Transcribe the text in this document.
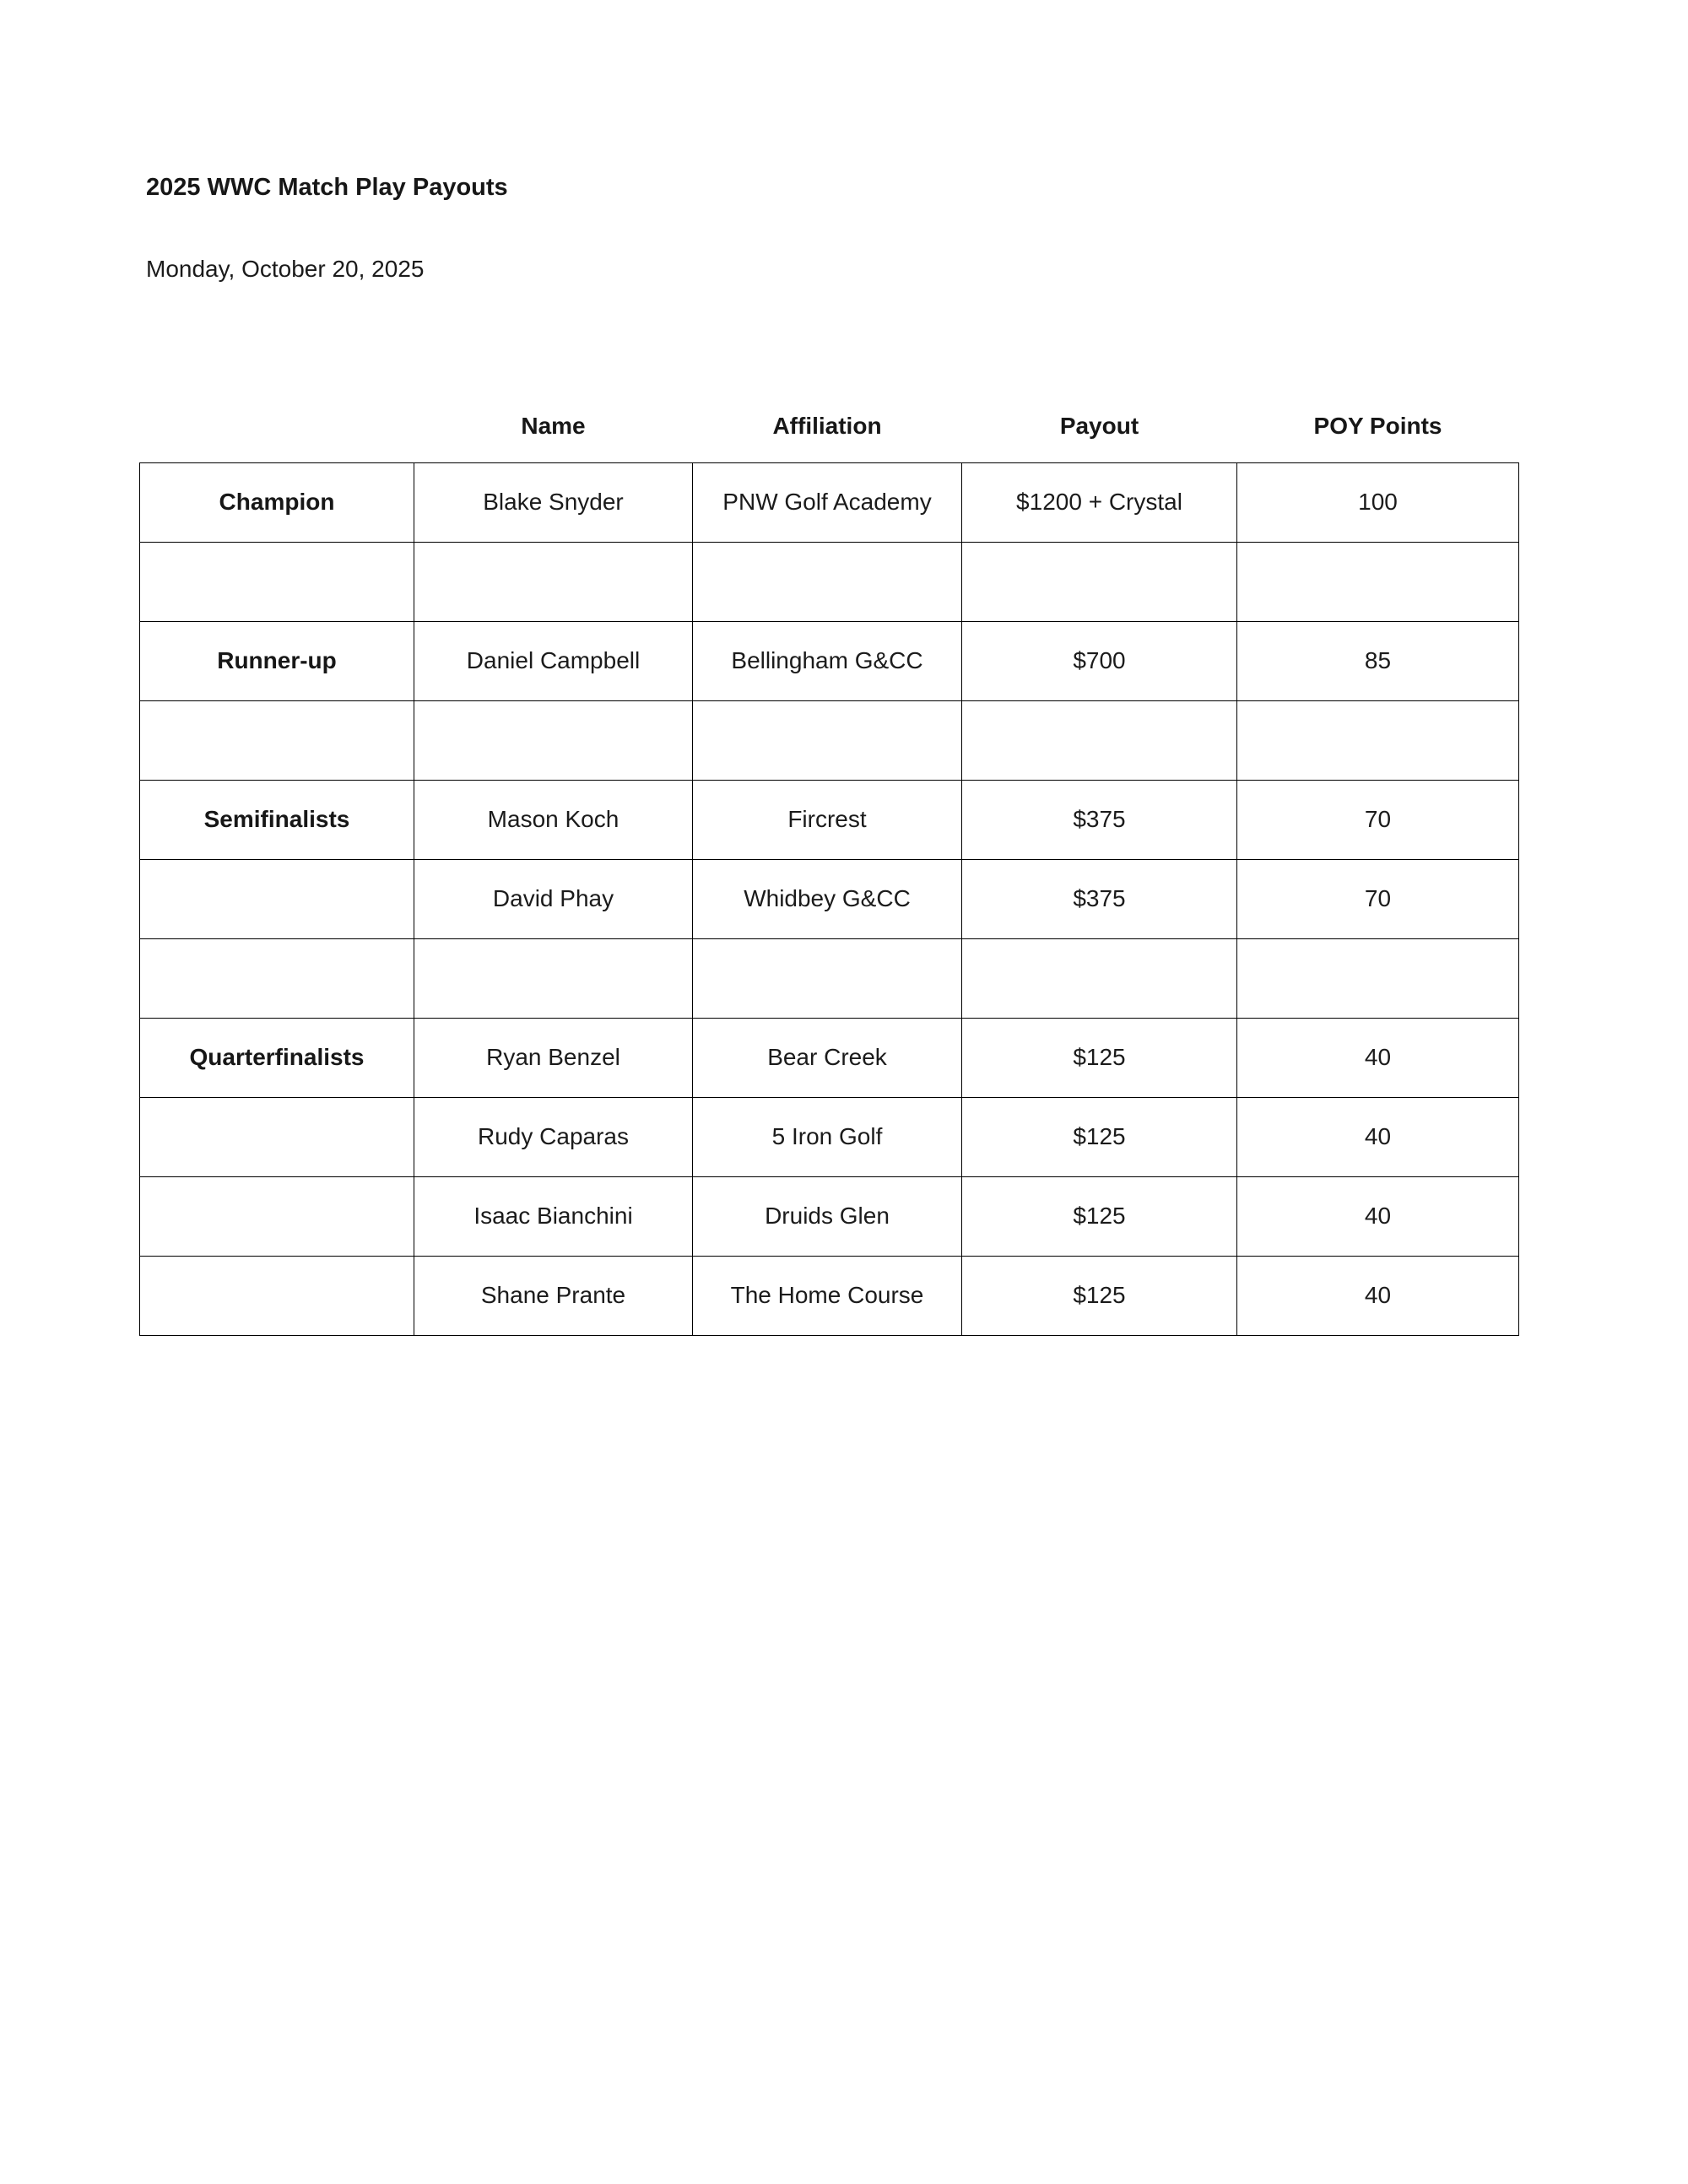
2025 WWC Match Play Payouts

Monday, October 20, 2025

	Name	Affiliation	Payout	POY Points
Champion	Blake Snyder	PNW Golf Academy	$1200 + Crystal	100

Runner-up	Daniel Campbell	Bellingham G&CC	$700	85

Semifinalists	Mason Koch	Fircrest	$375	70
	David Phay	Whidbey G&CC	$375	70

Quarterfinalists	Ryan Benzel	Bear Creek	$125	40
	Rudy Caparas	5 Iron Golf	$125	40
	Isaac Bianchini	Druids Glen	$125	40
	Shane Prante	The Home Course	$125	40
